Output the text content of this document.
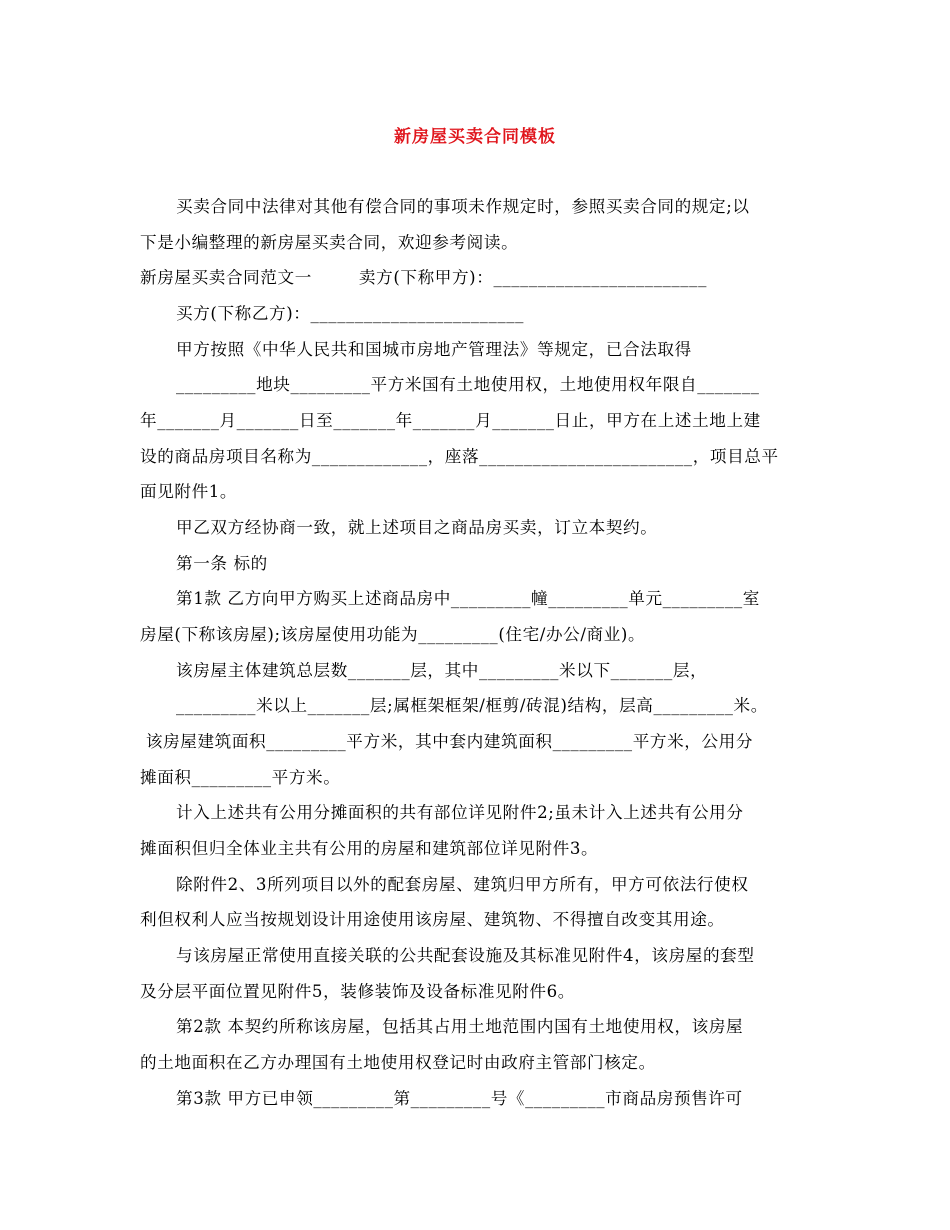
新房屋买卖合同模板
买卖合同中法律对其他有偿合同的事项未作规定时，参照买卖合同的规定;以
下是小编整理的新房屋买卖合同，欢迎参考阅读。
新房屋买卖合同范文一        卖方(下称甲方)：________________________
买方(下称乙方)：________________________
甲方按照《中华人民共和国城市房地产管理法》等规定，已合法取得
_________地块_________平方米国有土地使用权，土地使用权年限自_______
年_______月_______日至_______年_______月_______日止，甲方在上述土地上建
设的商品房项目名称为_____________，座落________________________，项目总平
面见附件1。
甲乙双方经协商一致，就上述项目之商品房买卖，订立本契约。
第一条 标的
第1款 乙方向甲方购买上述商品房中_________幢_________单元_________室
房屋(下称该房屋);该房屋使用功能为_________(住宅/办公/商业)。
该房屋主体建筑总层数_______层，其中_________米以下_______层，
_________米以上_______层;属框架框架/框剪/砖混)结构，层高_________米。
该房屋建筑面积_________平方米，其中套内建筑面积_________平方米，公用分
摊面积_________平方米。
计入上述共有公用分摊面积的共有部位详见附件2;虽未计入上述共有公用分
摊面积但归全体业主共有公用的房屋和建筑部位详见附件3。
除附件2、3所列项目以外的配套房屋、建筑归甲方所有，甲方可依法行使权
利但权利人应当按规划设计用途使用该房屋、建筑物、不得擅自改变其用途。
与该房屋正常使用直接关联的公共配套设施及其标准见附件4，该房屋的套型
及分层平面位置见附件5，装修装饰及设备标准见附件6。
第2款 本契约所称该房屋，包括其占用土地范围内国有土地使用权，该房屋
的土地面积在乙方办理国有土地使用权登记时由政府主管部门核定。
第3款 甲方已申领_________第_________号《_________市商品房预售许可
